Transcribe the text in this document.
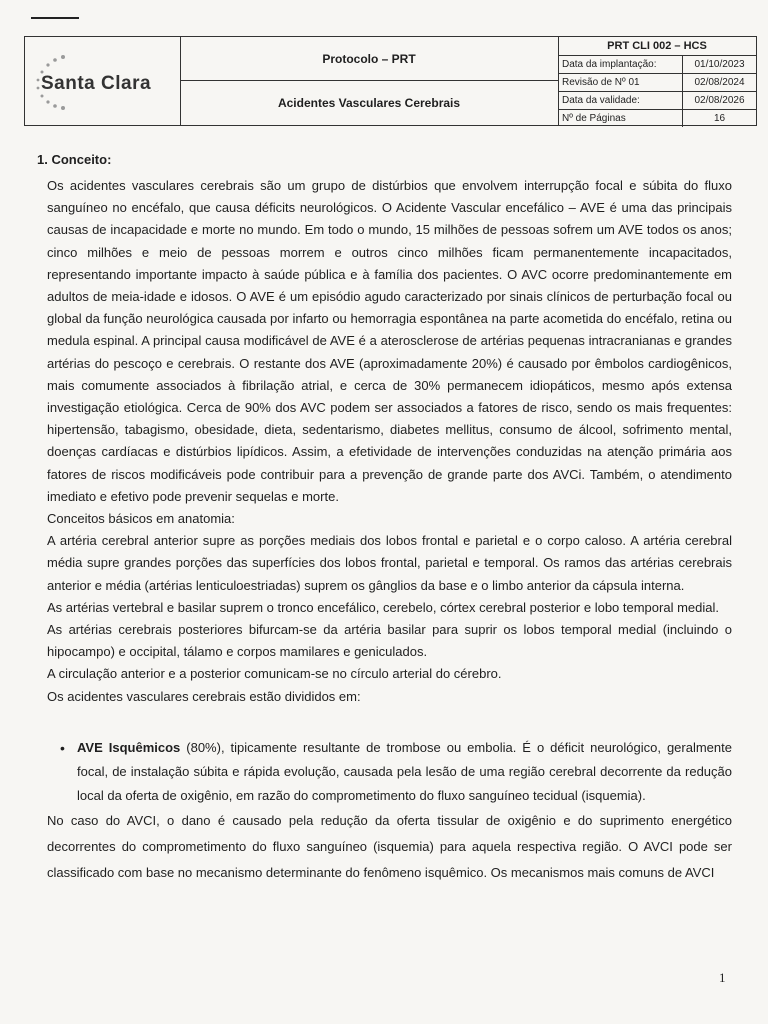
Santa Clara
Protocolo – PRT
Acidentes Vasculares Cerebrais
PRT CLI 002 – HCS
Data da implantação:	01/10/2023
Revisão de Nº 01	02/08/2024
Data da validade:	02/08/2026
Nº de Páginas	16
1. Conceito:

Os acidentes vasculares cerebrais são um grupo de distúrbios que envolvem interrupção focal e súbita do fluxo sanguíneo no encéfalo, que causa déficits neurológicos. O Acidente Vascular encefálico – AVE é uma das principais causas de incapacidade e morte no mundo. Em todo o mundo, 15 milhões de pessoas sofrem um AVE todos os anos; cinco milhões e meio de pessoas morrem e outros cinco milhões ficam permanentemente incapacitados, representando importante impacto à saúde pública e à família dos pacientes. O AVC ocorre predominantemente em adultos de meia-idade e idosos. O AVE é um episódio agudo caracterizado por sinais clínicos de perturbação focal ou global da função neurológica causada por infarto ou hemorragia espontânea na parte acometida do encéfalo, retina ou medula espinal. A principal causa modificável de AVE é a aterosclerose de artérias pequenas intracranianas e grandes artérias do pescoço e cerebrais. O restante dos AVE (aproximadamente 20%) é causado por êmbolos cardiogênicos, mais comumente associados à fibrilação atrial, e cerca de 30% permanecem idiopáticos, mesmo após extensa investigação etiológica. Cerca de 90% dos AVC podem ser associados a fatores de risco, sendo os mais frequentes: hipertensão, tabagismo, obesidade, dieta, sedentarismo, diabetes mellitus, consumo de álcool, sofrimento mental, doenças cardíacas e distúrbios lipídicos. Assim, a efetividade de intervenções conduzidas na atenção primária aos fatores de riscos modificáveis pode contribuir para a prevenção de grande parte dos AVCi. Também, o atendimento imediato e efetivo pode prevenir sequelas e morte.

Conceitos básicos em anatomia:

A artéria cerebral anterior supre as porções mediais dos lobos frontal e parietal e o corpo caloso. A artéria cerebral média supre grandes porções das superfícies dos lobos frontal, parietal e temporal. Os ramos das artérias cerebrais anterior e média (artérias lenticuloestriadas) suprem os gânglios da base e o limbo anterior da cápsula interna.

As artérias vertebral e basilar suprem o tronco encefálico, cerebelo, córtex cerebral posterior e lobo temporal medial.

As artérias cerebrais posteriores bifurcam-se da artéria basilar para suprir os lobos temporal medial (incluindo o hipocampo) e occipital, tálamo e corpos mamilares e geniculados.

A circulação anterior e a posterior comunicam-se no círculo arterial do cérebro.

Os acidentes vasculares cerebrais estão divididos em:

• AVE Isquêmicos (80%), tipicamente resultante de trombose ou embolia. É o déficit neurológico, geralmente focal, de instalação súbita e rápida evolução, causada pela lesão de uma região cerebral decorrente da redução local da oferta de oxigênio, em razão do comprometimento do fluxo sanguíneo tecidual (isquemia).

No caso do AVCI, o dano é causado pela redução da oferta tissular de oxigênio e do suprimento energético decorrentes do comprometimento do fluxo sanguíneo (isquemia) para aquela respectiva região. O AVCI pode ser classificado com base no mecanismo determinante do fenômeno isquêmico. Os mecanismos mais comuns de AVCI

1
